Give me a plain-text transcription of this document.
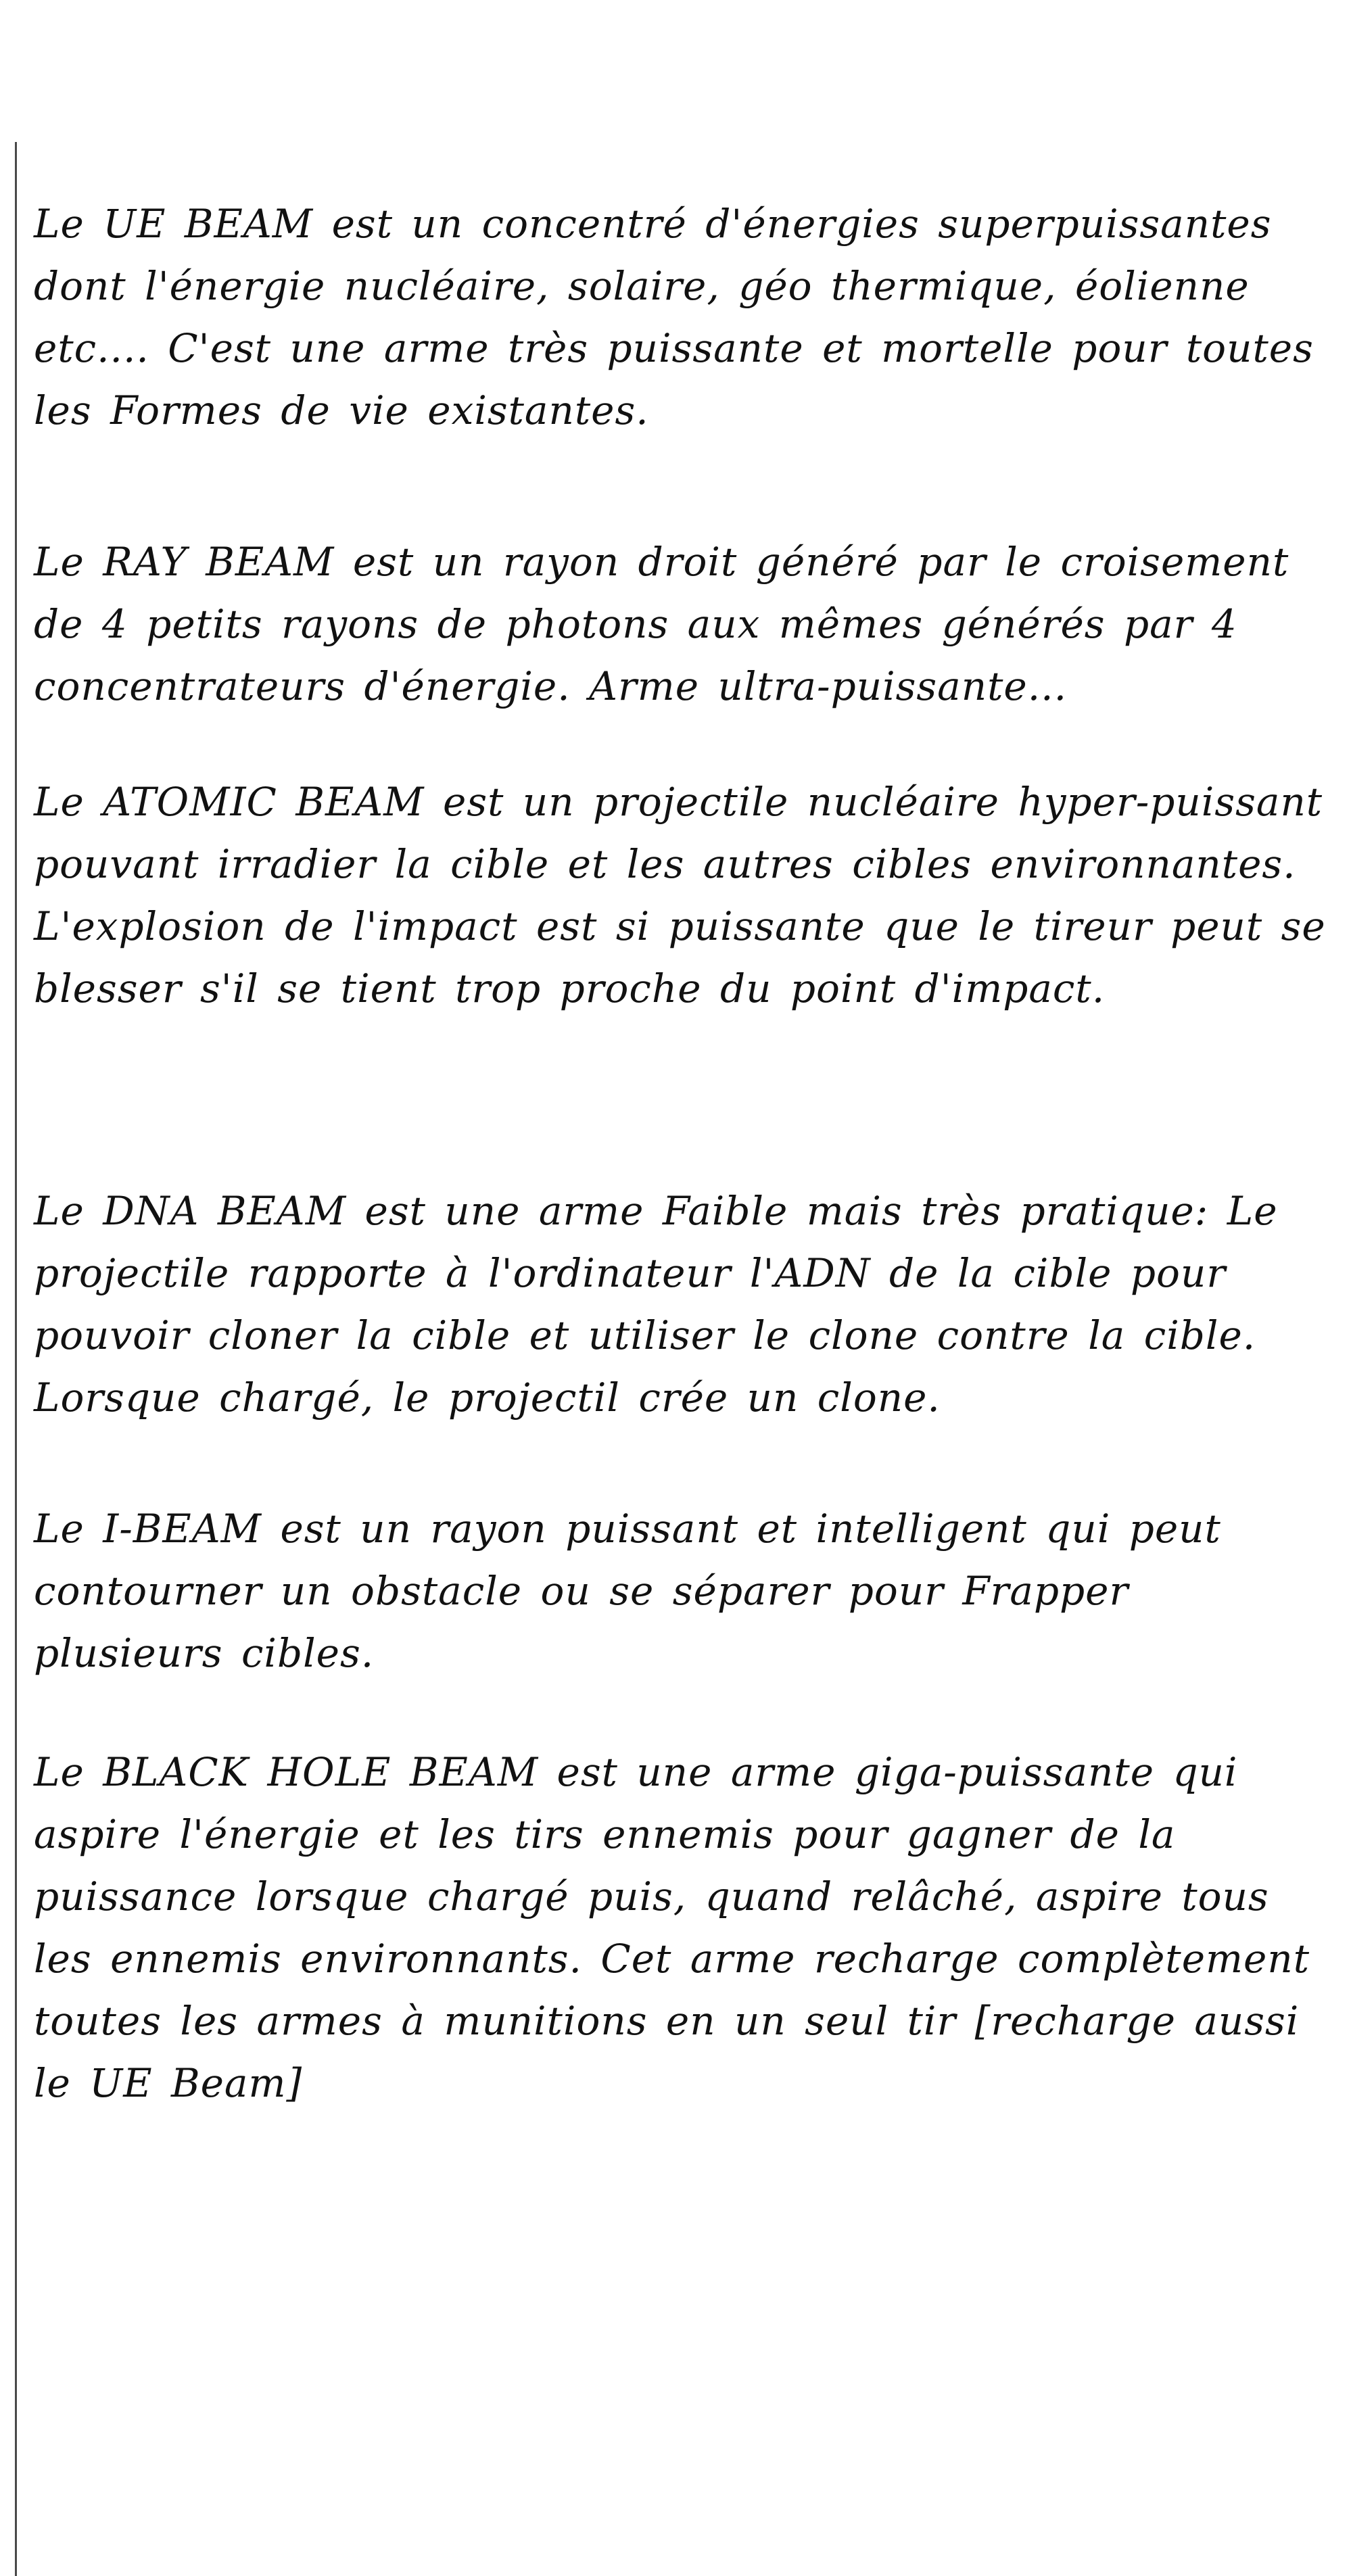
Le UE BEAM est un concentré d'énergies superpuissantes dont l'énergie nucléaire, solaire, géo thermique, éolienne etc.... C'est une arme très puissante et mortelle pour toutes les Formes de vie existantes.

Le RAY BEAM est un rayon droit généré par le croisement de 4 petits rayons de photons aux mêmes générés par 4 concentrateurs d'énergie. Arme ultra-puissante...

Le ATOMIC BEAM est un projectile nucléaire hyper-puissant pouvant irradier la cible et les autres cibles environnantes. L'explosion de l'impact est si puissante que le tireur peut se blesser s'il se tient trop proche du point d'impact.

Le DNA BEAM est une arme Faible mais très pratique: Le projectile rapporte à l'ordinateur l'ADN de la cible pour pouvoir cloner la cible et utiliser le clone contre la cible. Lorsque chargé, le projectil crée un clone.

Le I-BEAM est un rayon puissant et intelligent qui peut contourner un obstacle ou se séparer pour Frapper plusieurs cibles.

Le BLACK HOLE BEAM est une arme giga-puissante qui aspire l'énergie et les tirs ennemis pour gagner de la puissance lorsque chargé puis, quand relâché, aspire tous les ennemis environnants. Cet arme recharge complètement toutes les armes à munitions en un seul tir [recharge aussi le UE Beam]
